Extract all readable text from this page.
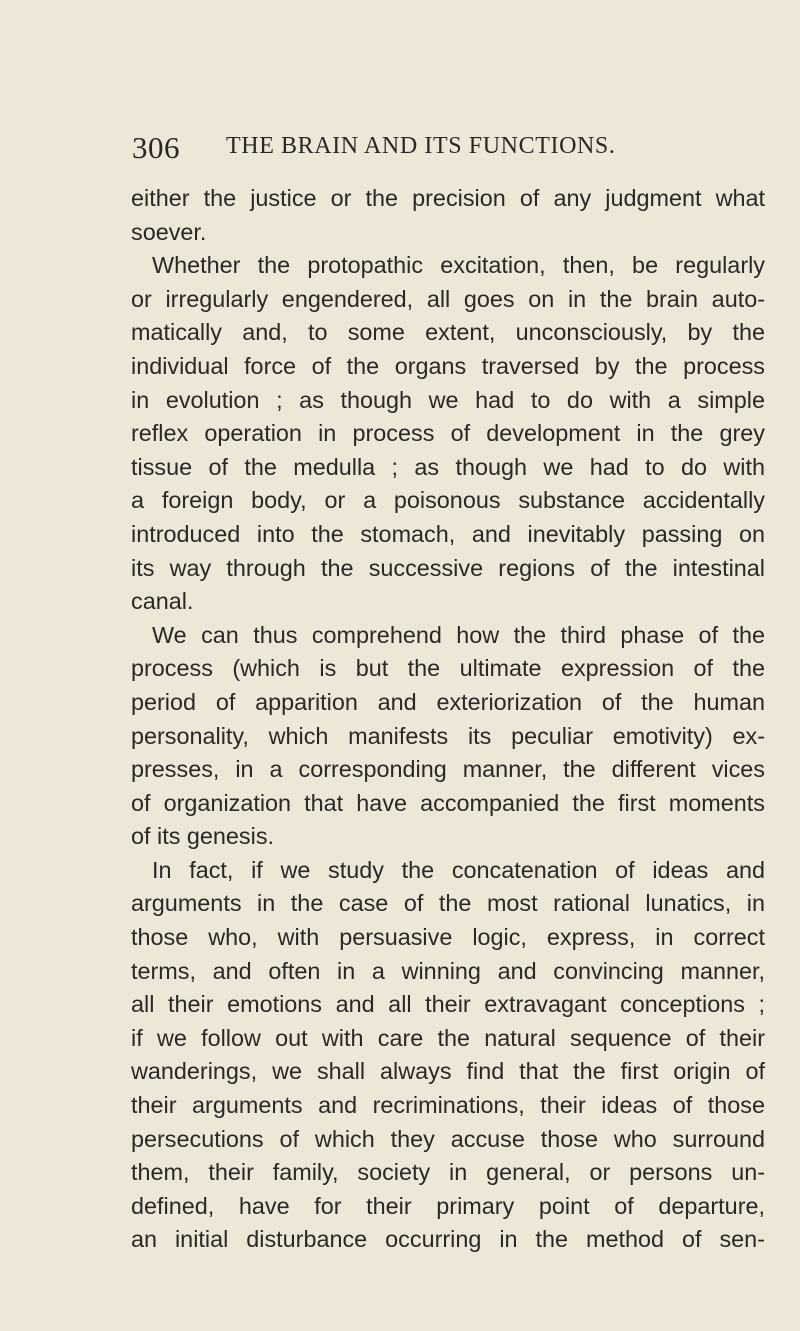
306 THE BRAIN AND ITS FUNCTIONS.
either the justice or the precision of any judgment what
soever.
Whether the protopathic excitation, then, be regularly
or irregularly engendered, all goes on in the brain auto-
matically and, to some extent, unconsciously, by the
individual force of the organs traversed by the process
in evolution ; as though we had to do with a simple
reflex operation in process of development in the grey
tissue of the medulla ; as though we had to do with
a foreign body, or a poisonous substance accidentally
introduced into the stomach, and inevitably passing on
its way through the successive regions of the intestinal
canal.
We can thus comprehend how the third phase of the
process (which is but the ultimate expression of the
period of apparition and exteriorization of the human
personality, which manifests its peculiar emotivity) ex-
presses, in a corresponding manner, the different vices
of organization that have accompanied the first moments
of its genesis.
In fact, if we study the concatenation of ideas and
arguments in the case of the most rational lunatics, in
those who, with persuasive logic, express, in correct
terms, and often in a winning and convincing manner,
all their emotions and all their extravagant conceptions ;
if we follow out with care the natural sequence of their
wanderings, we shall always find that the first origin of
their arguments and recriminations, their ideas of those
persecutions of which they accuse those who surround
them, their family, society in general, or persons un-
defined, have for their primary point of departure,
an initial disturbance occurring in the method of sen-
